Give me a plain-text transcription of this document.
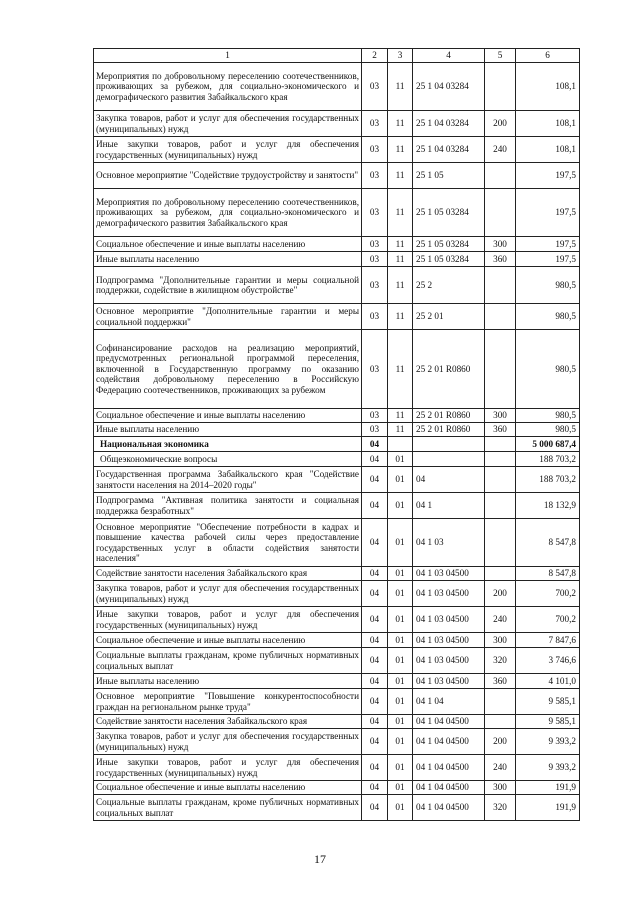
1	2	3	4	5	6
Мероприятия по добровольному переселению соотечественников, проживающих за рубежом, для социально-экономического и демографического развития Забайкальского края	03	11	25 1 04 03284		108,1
Закупка товаров, работ и услуг для обеспечения государственных (муниципальных) нужд	03	11	25 1 04 03284	200	108,1
Иные закупки товаров, работ и услуг для обеспечения государственных (муниципальных) нужд	03	11	25 1 04 03284	240	108,1
Основное мероприятие "Содействие трудоустройству и занятости"	03	11	25 1 05		197,5
Мероприятия по добровольному переселению соотечественников, проживающих за рубежом, для социально-экономического и демографического развития Забайкальского края	03	11	25 1 05 03284		197,5
Социальное обеспечение и иные выплаты населению	03	11	25 1 05 03284	300	197,5
Иные выплаты населению	03	11	25 1 05 03284	360	197,5
Подпрограмма "Дополнительные гарантии и меры социальной поддержки, содействие в жилищном обустройстве"	03	11	25 2		980,5
Основное мероприятие "Дополнительные гарантии и меры социальной поддержки"	03	11	25 2 01		980,5
Софинансирование расходов на реализацию мероприятий, предусмотренных региональной программой переселения, включенной в Государственную программу по оказанию содействия добровольному переселению в Российскую Федерацию соотечественников, проживающих за рубежом	03	11	25 2 01 R0860		980,5
Социальное обеспечение и иные выплаты населению	03	11	25 2 01 R0860	300	980,5
Иные выплаты населению	03	11	25 2 01 R0860	360	980,5
Национальная экономика	04				5 000 687,4
Общеэкономические вопросы	04	01			188 703,2
Государственная программа Забайкальского края "Содействие занятости населения на 2014–2020 годы"	04	01	04		188 703,2
Подпрограмма "Активная политика занятости и социальная поддержка безработных"	04	01	04 1		18 132,9
Основное мероприятие "Обеспечение потребности в кадрах и повышение качества рабочей силы через предоставление государственных услуг в области содействия занятости населения"	04	01	04 1 03		8 547,8
Содействие занятости населения Забайкальского края	04	01	04 1 03 04500		8 547,8
Закупка товаров, работ и услуг для обеспечения государственных (муниципальных) нужд	04	01	04 1 03 04500	200	700,2
Иные закупки товаров, работ и услуг для обеспечения государственных (муниципальных) нужд	04	01	04 1 03 04500	240	700,2
Социальное обеспечение и иные выплаты населению	04	01	04 1 03 04500	300	7 847,6
Социальные выплаты гражданам, кроме публичных нормативных социальных выплат	04	01	04 1 03 04500	320	3 746,6
Иные выплаты населению	04	01	04 1 03 04500	360	4 101,0
Основное мероприятие "Повышение конкурентоспособности граждан на региональном рынке труда"	04	01	04 1 04		9 585,1
Содействие занятости населения Забайкальского края	04	01	04 1 04 04500		9 585,1
Закупка товаров, работ и услуг для обеспечения государственных (муниципальных) нужд	04	01	04 1 04 04500	200	9 393,2
Иные закупки товаров, работ и услуг для обеспечения государственных (муниципальных) нужд	04	01	04 1 04 04500	240	9 393,2
Социальное обеспечение и иные выплаты населению	04	01	04 1 04 04500	300	191,9
Социальные выплаты гражданам, кроме публичных нормативных социальных выплат	04	01	04 1 04 04500	320	191,9
17
